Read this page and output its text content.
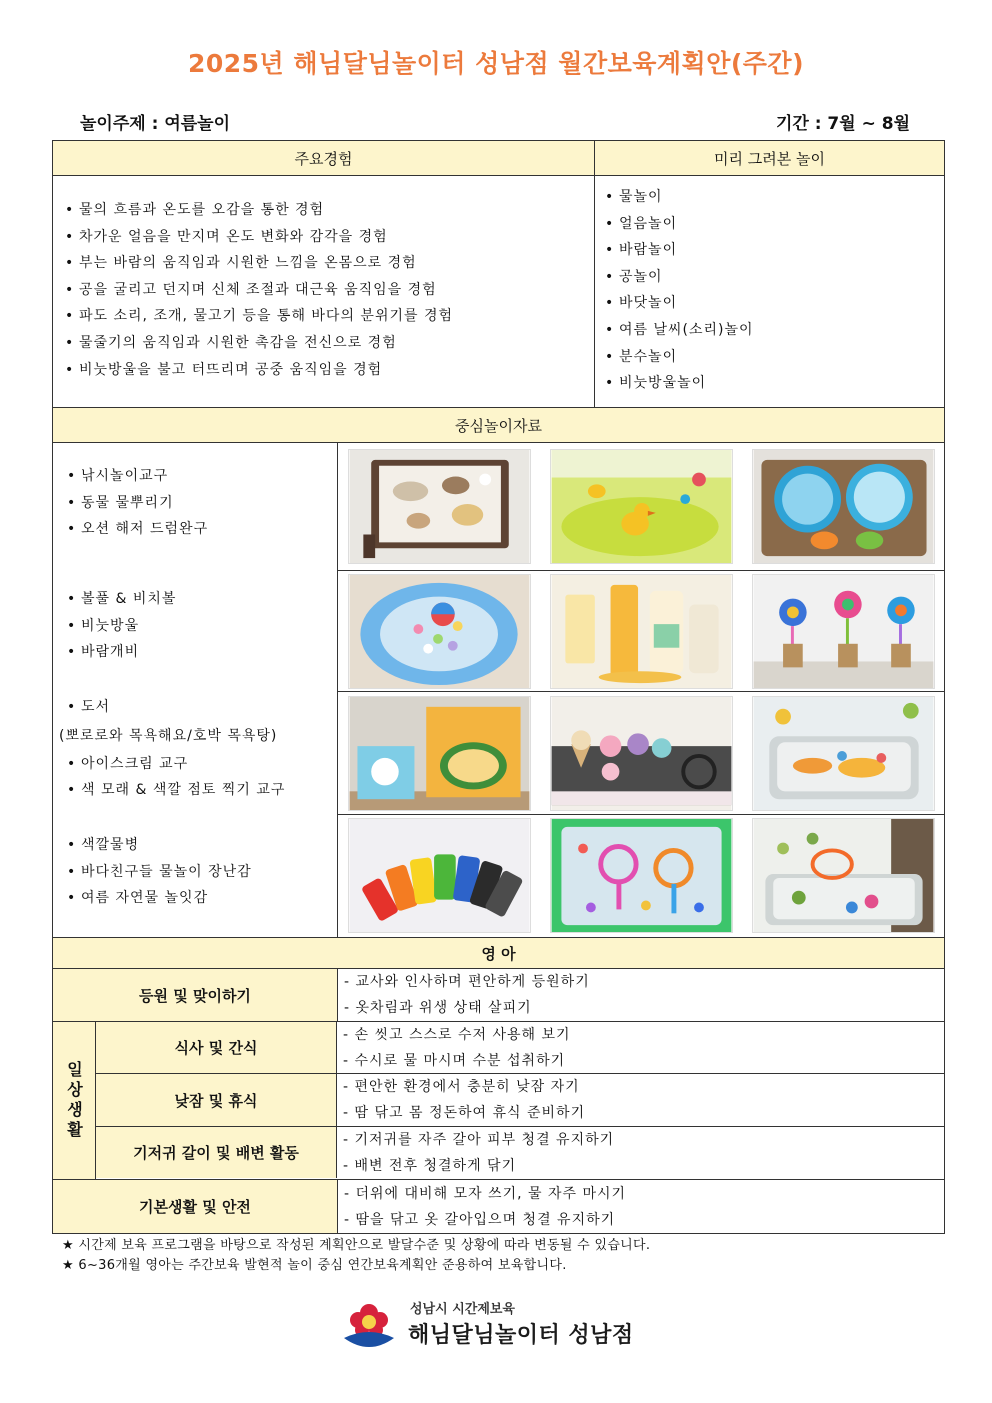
2025년 해님달님놀이터 성남점 월간보육계획안(주간)
놀이주제 : 여름놀이	기간 : 7월 ~ 8월
주요경험	미리 그려본 놀이
• 물의 흐름과 온도를 오감을 통한 경험
• 차가운 얼음을 만지며 온도 변화와 감각을 경험
• 부는 바람의 움직임과 시원한 느낌을 온몸으로 경험
• 공을 굴리고 던지며 신체 조절과 대근육 움직임을 경험
• 파도 소리, 조개, 물고기 등을 통해 바다의 분위기를 경험
• 물줄기의 움직임과 시원한 촉감을 전신으로 경험
• 비눗방울을 불고 터뜨리며 공중 움직임을 경험
• 물놀이
• 얼음놀이
• 바람놀이
• 공놀이
• 바닷놀이
• 여름 날씨(소리)놀이
• 분수놀이
• 비눗방울놀이
중심놀이자료
• 낚시놀이교구
• 동물 물뿌리기
• 오션 해저 드럼완구
• 볼풀 & 비치볼
• 비눗방울
• 바람개비
• 도서
(뽀로로와 목욕해요/호박 목욕탕)
• 아이스크림 교구
• 색 모래 & 색깔 점토 찍기 교구
• 색깔물병
• 바다친구들 물놀이 장난감
• 여름 자연물 놀잇감
영 아
등원 및 맞이하기
- 교사와 인사하며 편안하게 등원하기
- 옷차림과 위생 상태 살피기
일상생활
식사 및 간식
- 손 씻고 스스로 수저 사용해 보기
- 수시로 물 마시며 수분 섭취하기
낮잠 및 휴식
- 편안한 환경에서 충분히 낮잠 자기
- 땀 닦고 몸 정돈하여 휴식 준비하기
기저귀 갈이 및 배변 활동
- 기저귀를 자주 갈아 피부 청결 유지하기
- 배변 전후 청결하게 닦기
기본생활 및 안전
- 더위에 대비해 모자 쓰기, 물 자주 마시기
- 땀을 닦고 옷 갈아입으며 청결 유지하기
★ 시간제 보육 프로그램을 바탕으로 작성된 계획안으로 발달수준 및 상황에 따라 변동될 수 있습니다.
★ 6~36개월 영아는 주간보육 발현적 놀이 중심 연간보육계획안 준용하여 보육합니다.
성남시 시간제보육
해님달님놀이터 성남점
